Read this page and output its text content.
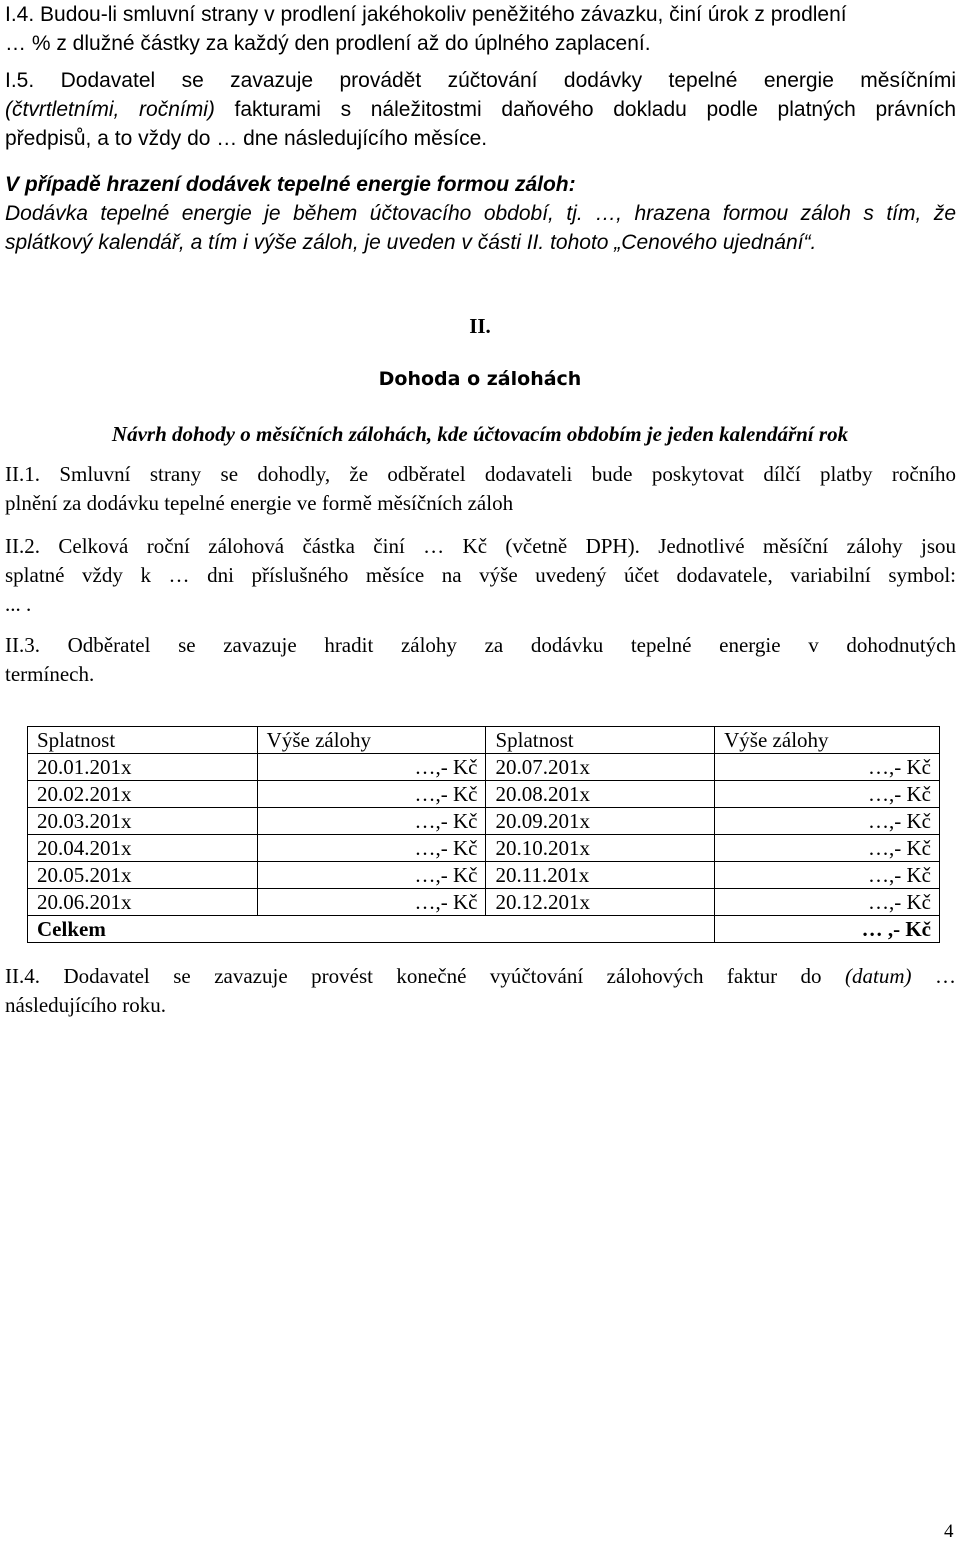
I.4. Budou-li smluvní strany v prodlení jakéhokoliv peněžitého závazku, činí úrok z prodlení
… % z dlužné částky za každý den prodlení až do úplného zaplacení.
I.5. Dodavatel se zavazuje provádět zúčtování dodávky tepelné energie měsíčními
(čtvrtletními, ročními) fakturami s náležitostmi daňového dokladu podle platných právních
předpisů, a to vždy do … dne následujícího měsíce.
V případě hrazení dodávek tepelné energie formou záloh:
Dodávka tepelné energie je během účtovacího období, tj. …, hrazena formou záloh s tím, že
splátkový kalendář, a tím i výše záloh, je uveden v části II. tohoto „Cenového ujednání“.
II.
Dohoda o zálohách
Návrh dohody o měsíčních zálohách, kde účtovacím obdobím je jeden kalendářní rok
II.1. Smluvní strany se dohodly, že odběratel dodavateli bude poskytovat dílčí platby ročního
plnění za dodávku tepelné energie ve formě měsíčních záloh
II.2. Celková roční zálohová částka činí … Kč (včetně DPH). Jednotlivé měsíční zálohy jsou
splatné vždy k … dni příslušného měsíce na výše uvedený účet dodavatele, variabilní symbol:
... .
II.3. Odběratel se zavazuje hradit zálohy za dodávku tepelné energie v dohodnutých
termínech.
Splatnost	Výše zálohy	Splatnost	Výše zálohy
20.01.201x	…,- Kč	20.07.201x	…,- Kč
20.02.201x	…,- Kč	20.08.201x	…,- Kč
20.03.201x	…,- Kč	20.09.201x	…,- Kč
20.04.201x	…,- Kč	20.10.201x	…,- Kč
20.05.201x	…,- Kč	20.11.201x	…,- Kč
20.06.201x	…,- Kč	20.12.201x	…,- Kč
Celkem			… ,- Kč
II.4. Dodavatel se zavazuje provést konečné vyúčtování zálohových faktur do (datum) …
následujícího roku.
4
